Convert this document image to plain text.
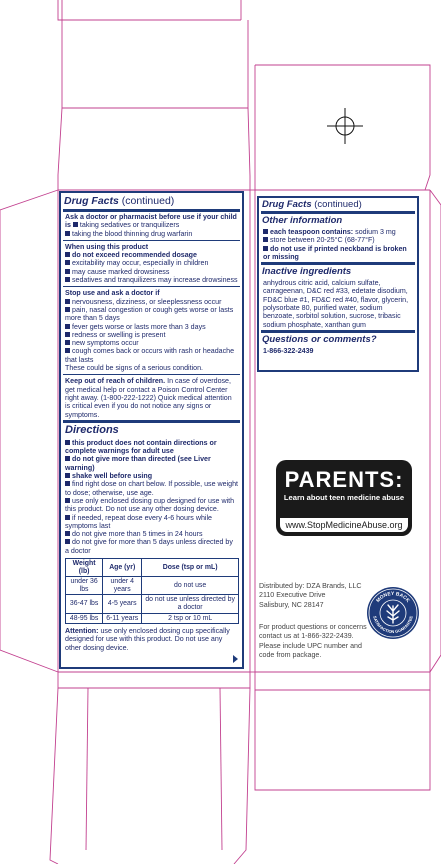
Drug Facts (continued)
Ask a doctor or pharmacist before use if your child is taking sedatives or tranquilizers
taking the blood thinning drug warfarin
When using this product
do not exceed recommended dosage
excitability may occur, especially in children
may cause marked drowsiness
sedatives and tranquilizers may increase drowsiness
Stop use and ask a doctor if
nervousness, dizziness, or sleeplessness occur
pain, nasal congestion or cough gets worse or lasts more than 5 days
fever gets worse or lasts more than 3 days
redness or swelling is present
new symptoms occur
cough comes back or occurs with rash or headache that lasts
These could be signs of a serious condition.
Keep out of reach of children. In case of overdose, get medical help or contact a Poison Control Center right away. (1-800-222-1222) Quick medical attention is critical even if you do not notice any signs or symptoms.
Directions
this product does not contain directions or complete warnings for adult use
do not give more than directed (see Liver warning)
shake well before using
find right dose on chart below. If possible, use weight to dose; otherwise, use age.
use only enclosed dosing cup designed for use with this product. Do not use any other dosing device.
if needed, repeat dose every 4-6 hours while symptoms last
do not give more than 5 times in 24 hours
do not give for more than 5 days unless directed by a doctor
Weight (lb)	Age (yr)	Dose (tsp or mL)
under 36 lbs	under 4 years	do not use
36-47 lbs	4-5 years	do not use unless directed by a doctor
48-95 lbs	6-11 years	2 tsp or 10 mL
Attention: use only enclosed dosing cup specifically designed for use with this product. Do not use any other dosing device.
Drug Facts (continued)
Other information
each teaspoon contains: sodium 3 mg
store between 20-25°C (68-77°F)
do not use if printed neckband is broken or missing
Inactive ingredients
anhydrous citric acid, calcium sulfate, carrageenan, D&C red #33, edetate disodium, FD&C blue #1, FD&C red #40, flavor, glycerin, polysorbate 80, purified water, sodium benzoate, sorbitol solution, sucrose, tribasic sodium phosphate, xanthan gum
Questions or comments?
1-866-322-2439
PARENTS:
Learn about teen medicine abuse
www.StopMedicineAbuse.org
Distributed by: DZA Brands, LLC
2110 Executive Drive
Salisbury, NC 28147
For product questions or concerns contact us at 1-866-322-2439. Please include UPC number and code from package.
MONEY BACK
SATISFACTION GUARANTEE
